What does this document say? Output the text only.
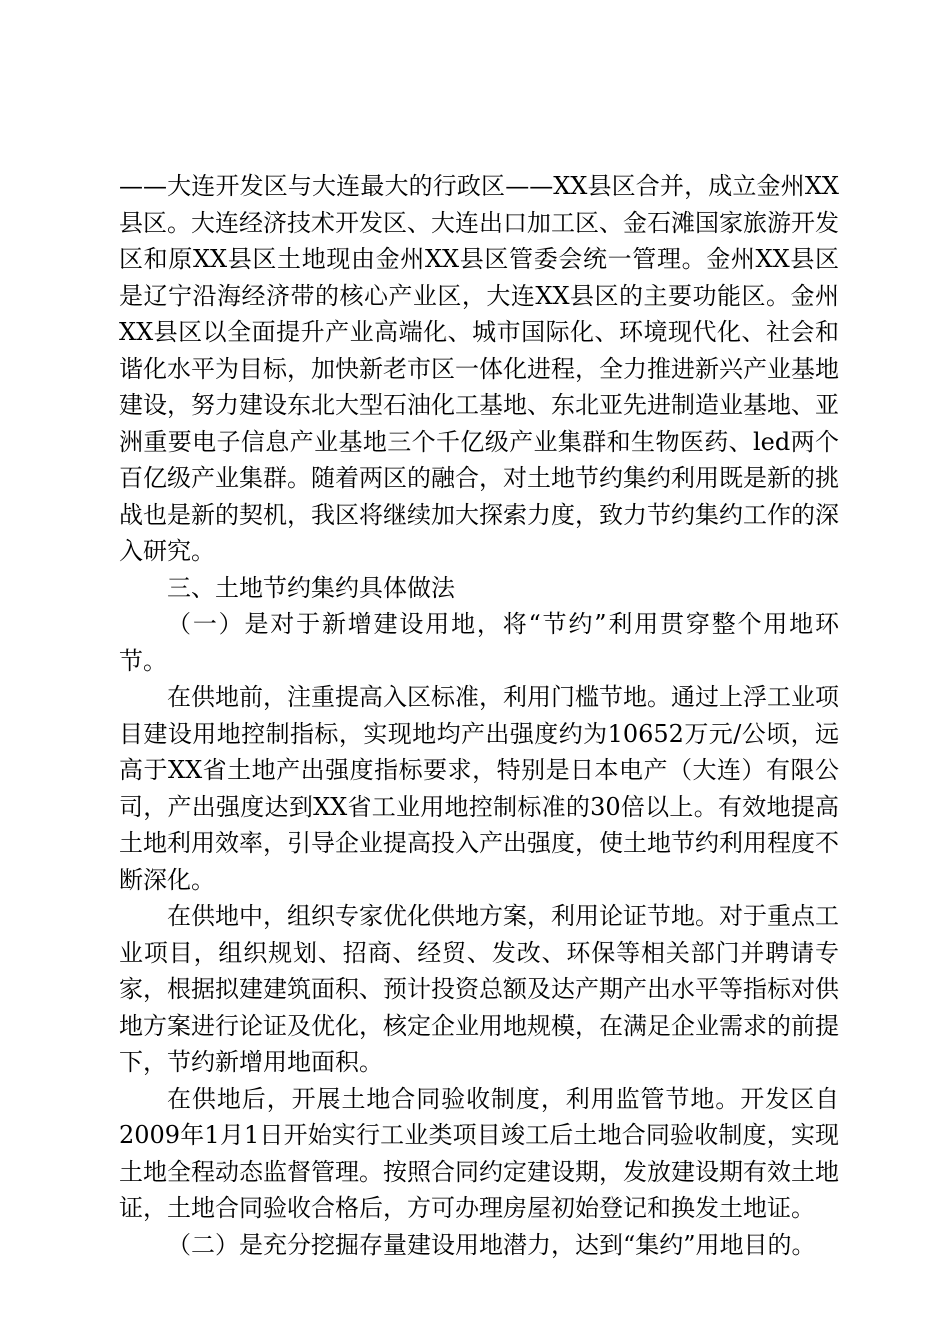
——大连开发区与大连最大的行政区——XX县区合并，成立金州XX县区。大连经济技术开发区、大连出口加工区、金石滩国家旅游开发区和原XX县区土地现由金州XX县区管委会统一管理。金州XX县区是辽宁沿海经济带的核心产业区，大连XX县区的主要功能区。金州XX县区以全面提升产业高端化、城市国际化、环境现代化、社会和谐化水平为目标，加快新老市区一体化进程，全力推进新兴产业基地建设，努力建设东北大型石油化工基地、东北亚先进制造业基地、亚洲重要电子信息产业基地三个千亿级产业集群和生物医药、led两个百亿级产业集群。随着两区的融合，对土地节约集约利用既是新的挑战也是新的契机，我区将继续加大探索力度，致力节约集约工作的深入研究。

三、土地节约集约具体做法

（一）是对于新增建设用地，将“节约”利用贯穿整个用地环节。

在供地前，注重提高入区标准，利用门槛节地。通过上浮工业项目建设用地控制指标，实现地均产出强度约为10652万元/公顷，远高于XX省土地产出强度指标要求，特别是日本电产（大连）有限公司，产出强度达到XX省工业用地控制标准的30倍以上。有效地提高土地利用效率，引导企业提高投入产出强度，使土地节约利用程度不断深化。

在供地中，组织专家优化供地方案，利用论证节地。对于重点工业项目，组织规划、招商、经贸、发改、环保等相关部门并聘请专家，根据拟建建筑面积、预计投资总额及达产期产出水平等指标对供地方案进行论证及优化，核定企业用地规模，在满足企业需求的前提下，节约新增用地面积。

在供地后，开展土地合同验收制度，利用监管节地。开发区自2009年1月1日开始实行工业类项目竣工后土地合同验收制度，实现土地全程动态监督管理。按照合同约定建设期，发放建设期有效土地证，土地合同验收合格后，方可办理房屋初始登记和换发土地证。

（二）是充分挖掘存量建设用地潜力，达到“集约”用地目的。
